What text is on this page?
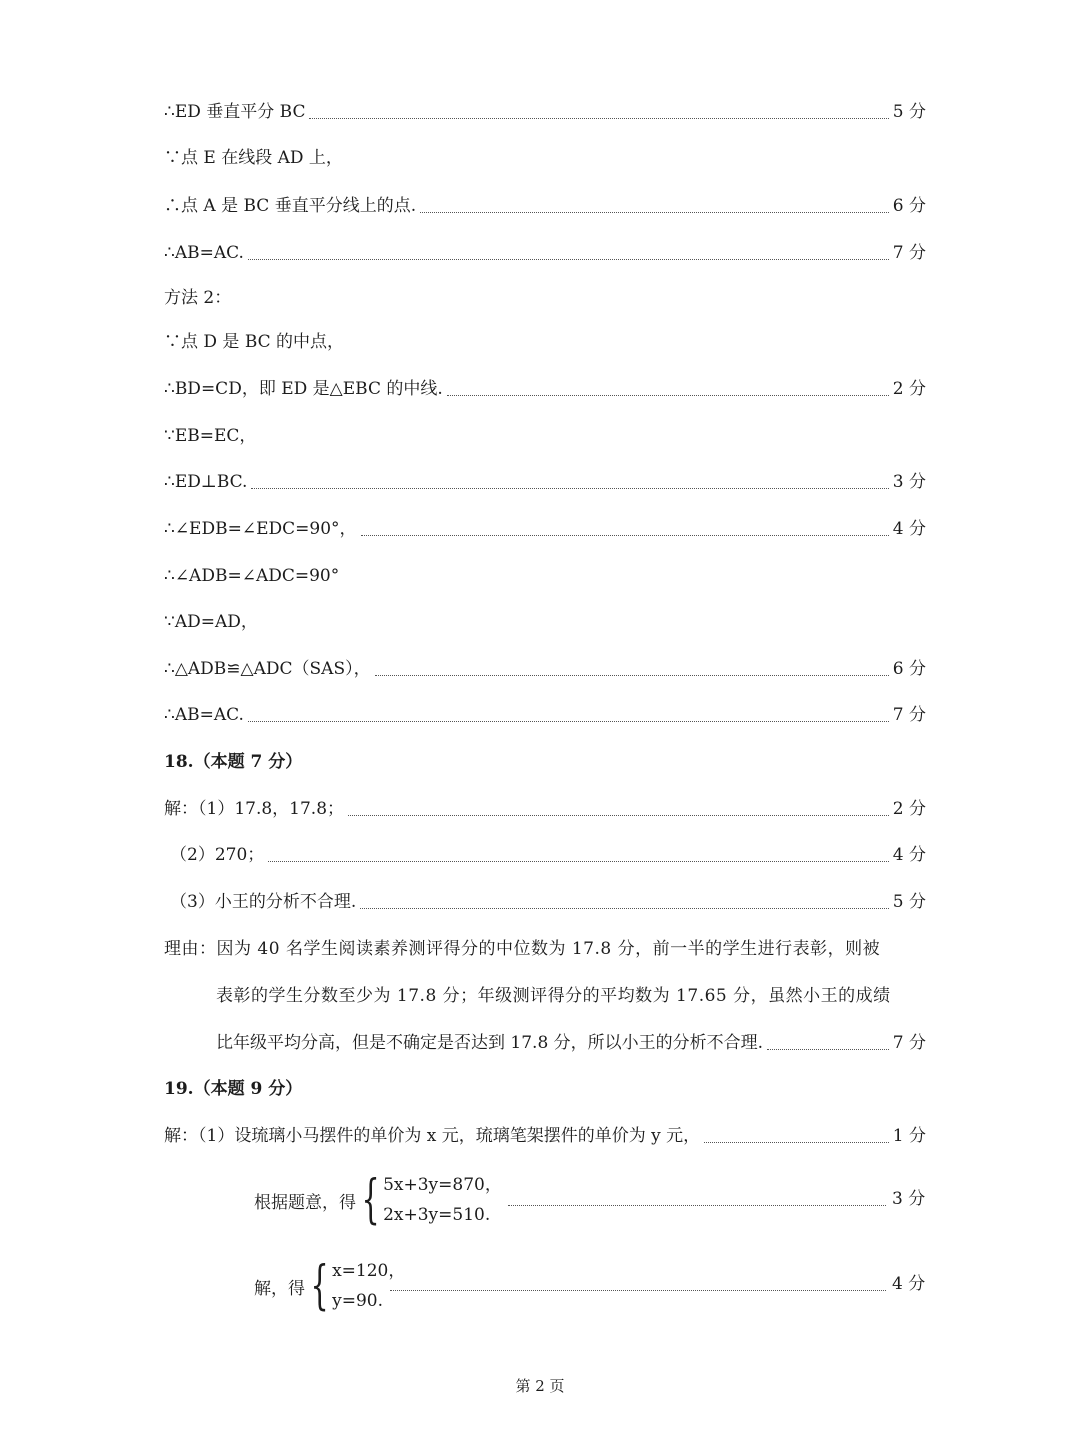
∴ED 垂直平分 BC	5 分
∵点 E 在线段 AD 上，
∴点 A 是 BC 垂直平分线上的点.	6 分
∴AB=AC.	7 分
方法 2：
∵点 D 是 BC 的中点，
∴BD=CD，即 ED 是△EBC 的中线.	2 分
∵EB=EC，
∴ED⊥BC.	3 分
∴∠EDB=∠EDC=90°，	4 分
∴∠ADB=∠ADC=90°
∵AD=AD，
∴△ADB≌△ADC（SAS），	6 分
∴AB=AC.	7 分
18.（本题 7 分）
解：（1）17.8，17.8；	2 分
（2）270；	4 分
（3）小王的分析不合理.	5 分
理由：因为 40 名学生阅读素养测评得分的中位数为 17.8 分，前一半的学生进行表彰，则被
表彰的学生分数至少为 17.8 分；年级测评得分的平均数为 17.65 分，虽然小王的成绩
比年级平均分高，但是不确定是否达到 17.8 分，所以小王的分析不合理.	7 分
19.（本题 9 分）
解：（1）设琉璃小马摆件的单价为 x 元，琉璃笔架摆件的单价为 y 元，	1 分
根据题意，得 { 5x+3y=870，
2x+3y=510.
3 分
解，得 { x=120，
y=90.
4 分
第 2 页
